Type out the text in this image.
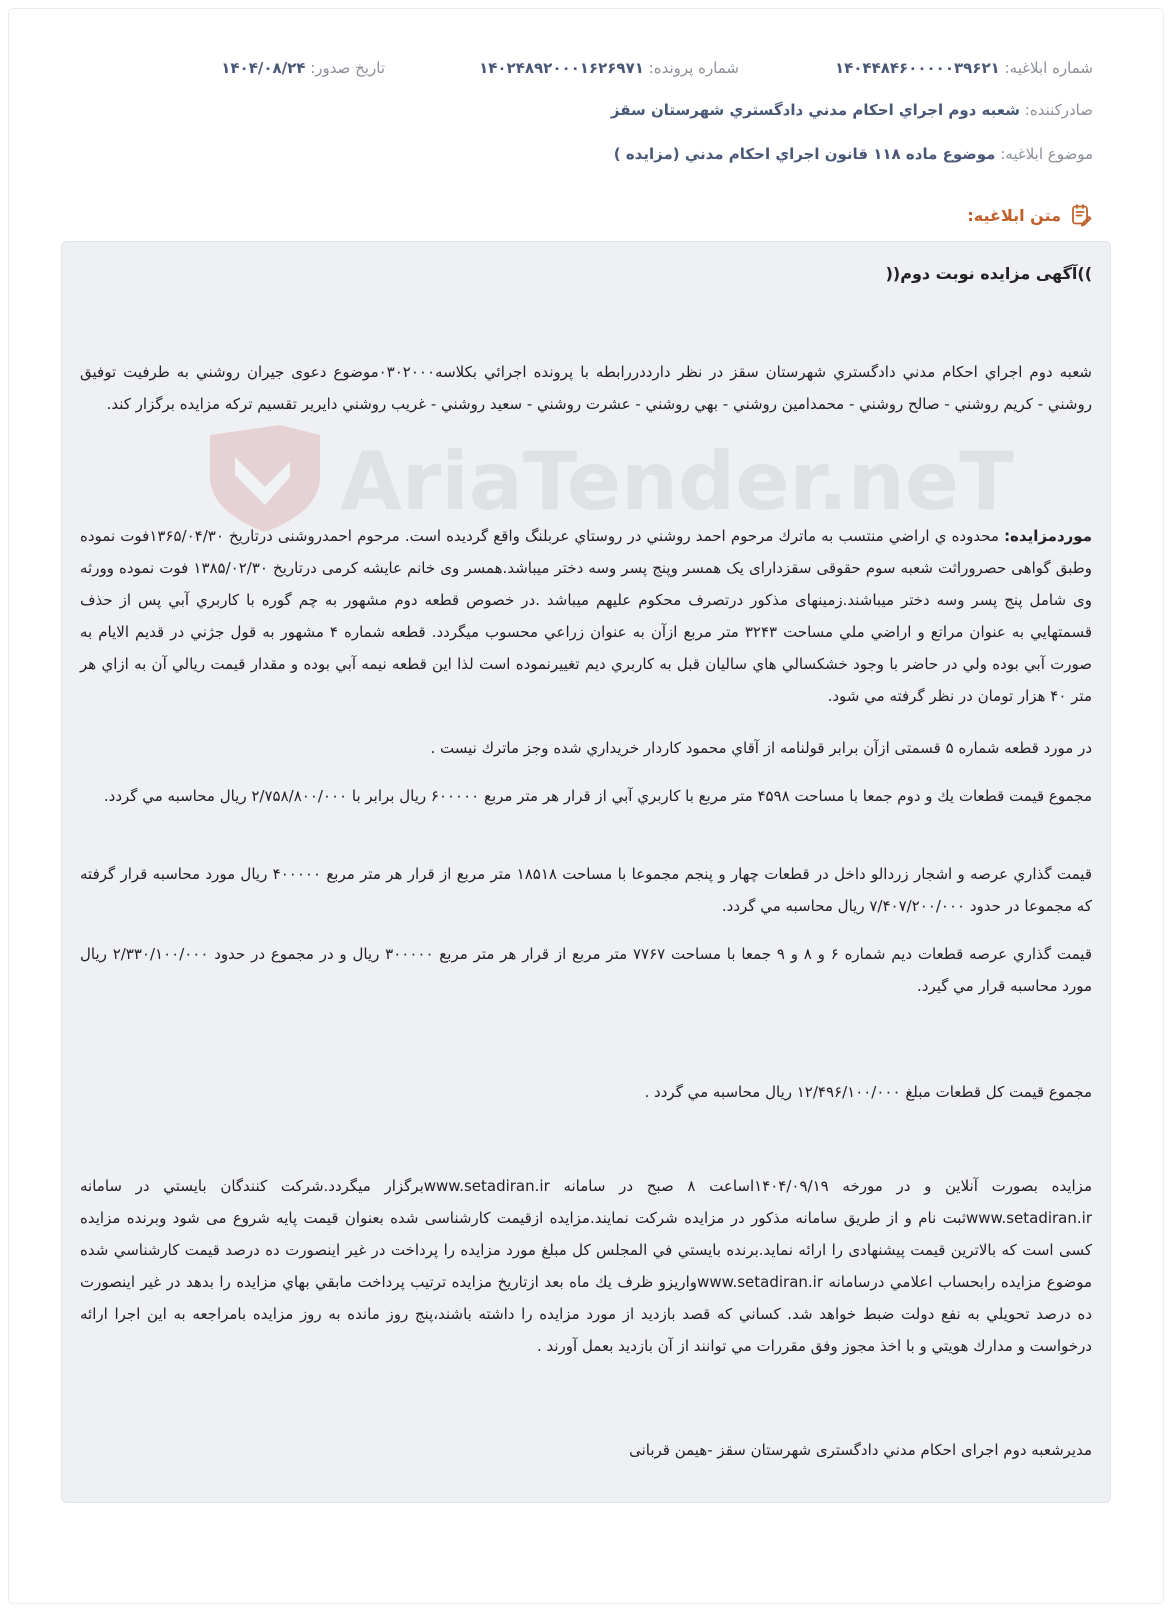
شماره ابلاغيه: ۱۴۰۴۴۸۴۶۰۰۰۰۰۳۹۶۲۱
شماره پرونده: ۱۴۰۲۴۸۹۲۰۰۰۱۶۲۶۹۷۱
تاريخ صدور: ۱۴۰۴/۰۸/۲۴
صادرکننده: شعبه دوم اجراي احكام مدني دادگستري شهرستان سقز
موضوع ابلاغيه: موضوع ماده ۱۱۸ قانون اجراي احكام مدني (مزايده )
متن ابلاغیه:
AriaTender.neT
))آگهی مزایده نوبت دوم((
شعبه دوم اجراي احكام مدني دادگستري شهرستان سقز در نظر دارددررابطه با پرونده اجرائي بكلاسه۰۳۰۲۰۰۰موضوع دعوی جیران روشني به طرفيت توفيق روشني - كريم روشني - صالح روشني - محمدامين روشني - بهي روشني - عشرت روشني - سعيد روشني - غريب روشني دايرير تقسيم تركه مزايده برگزار كند.
موردمزایده: محدوده ي اراضي منتسب به ماترك مرحوم احمد روشني در روستاي عربلنگ واقع گرديده است. مرحوم احمدروشنی درتاريخ ۱۳۶۵/۰۴/۳۰فوت نموده وطبق گواهی حصروراثت شعبه سوم حقوقی سقزدارای یک همسر وپنج پسر وسه دختر میباشد.همسر وی خانم عایشه کرمی درتاریخ ۱۳۸۵/۰۲/۳۰ فوت نموده وورثه وی شامل پنج پسر وسه دختر میباشند.زمینهای مذکور درتصرف محکوم علیهم میباشد .در خصوص قطعه دوم مشهور به چم گوره با كاربري آبي پس از حذف قسمتهايي به عنوان مراتع و اراضي ملي مساحت ۳۲۴۳ متر مربع ازآن به عنوان زراعي محسوب ميگردد. قطعه شماره ۴ مشهور به قول جژني در قديم الايام به صورت آبي بوده ولي در حاضر با وجود خشكسالي هاي ساليان قبل به كاربري ديم تغييرنموده است لذا اين قطعه نيمه آبي بوده و مقدار قيمت ريالي آن به ازاي هر متر ۴۰ هزار تومان در نظر گرفته مي شود.
در مورد قطعه شماره ۵ قسمتی ازآن برابر قولنامه از آقاي محمود كاردار خريداري شده وجز ماترك نيست .
مجموع قيمت قطعات يك و دوم جمعا با مساحت ۴۵۹۸ متر مربع با كاربري آبي از قرار هر متر مربع ۶۰۰۰۰۰ ريال برابر با ۲/۷۵۸/۸۰۰/۰۰۰ ريال محاسبه مي گردد.
قيمت گذاري عرصه و اشجار زردالو داخل در قطعات چهار و پنجم مجموعا با مساحت ۱۸۵۱۸ متر مربع از قرار هر متر مربع ۴۰۰۰۰۰ ريال مورد محاسبه قرار گرفته كه مجموعا در حدود ۷/۴۰۷/۲۰۰/۰۰۰ ريال محاسبه مي گردد.
قيمت گذاري عرصه قطعات ديم شماره ۶ و ۸ و ۹ جمعا با مساحت ۷۷۶۷ متر مربع از قرار هر متر مربع ۳۰۰۰۰۰ ريال و در مجموع در حدود ۲/۳۳۰/۱۰۰/۰۰۰ ريال مورد محاسبه قرار مي گيرد.
مجموع قيمت كل قطعات مبلغ ۱۲/۴۹۶/۱۰۰/۰۰۰ ريال محاسبه مي گردد .
مزایده بصورت آنلاین و در مورخه ۱۴۰۴/۰۹/۱۹اساعت ۸ صبح در سامانه www.setadiran.irبرگزار ميگردد.شركت كنندگان بايستي در سامانه www.setadiran.irثبت نام و از طريق سامانه مذكور در مزايده شركت نمايند.مزایده ازقیمت کارشناسی شده بعنوان قیمت پایه شروع می شود وبرنده مزایده کسی است که بالاترین قیمت پیشنهادی را ارائه نماید.برنده بايستي في المجلس كل مبلغ مورد مزايده را پرداخت در غير اينصورت ده درصد قيمت كارشناسي شده موضوع مزايده رابحساب اعلامي درسامانه www.setadiran.irواريزو ظرف يك ماه بعد ازتاريخ مزايده ترتيب پرداخت مابقي بهاي مزايده را بدهد در غير اينصورت ده درصد تحويلي به نفع دولت ضبط خواهد شد. كساني كه قصد بازديد از مورد مزايده را داشته باشند،پنج روز مانده به روز مزايده بامراجعه به اين اجرا ارائه درخواست و مدارك هويتي و با اخذ مجوز وفق مقررات مي توانند از آن بازديد بعمل آورند .
مديرشعبه دوم اجرای احكام مدني دادگستری شهرستان سقز -هیمن قربانی
